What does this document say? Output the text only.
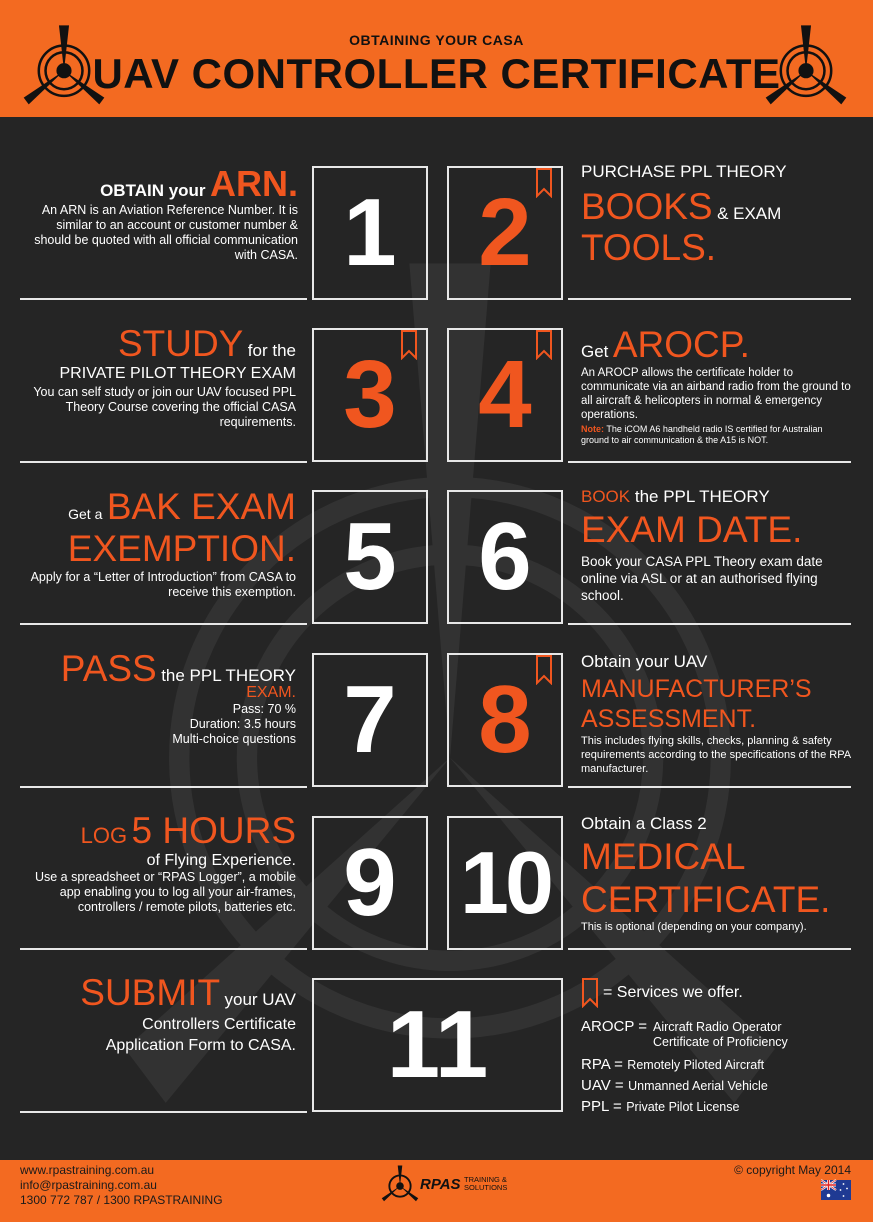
OBTAINING YOUR CASA
UAV CONTROLLER CERTIFICATE
OBTAIN your ARN.
An ARN is an Aviation Reference Number. It is similar to an account or customer number & should be quoted with all official communication with CASA. 1 2
PURCHASE PPL THEORY
BOOKS & EXAM
TOOLS.
STUDY for the
PRIVATE PILOT THEORY EXAM
You can self study or join our UAV focused PPL Theory Course covering the official CASA requirements. 3 4	Get AROCP.
An AROCP allows the certificate holder to communicate via an airband radio from the ground to all aircraft & helicopters in normal & emergency operations.
Note: The iCOM A6 handheld radio IS certified for Australian ground to air communication & the A15 is NOT.
Get a BAK EXAM
EXEMPTION.
Apply for a “Letter of Introduction” from CASA to receive this exemption. 5 6
BOOK the PPL THEORY
EXAM DATE.
Book your CASA PPL Theory exam date online via ASL or at an authorised flying school.
PASS the PPL THEORY
EXAM.
Pass: 70 %
Duration: 3.5 hours
Multi-choice questions 7 8
Obtain your UAV
MANUFACTURER’S
ASSESSMENT.
This includes flying skills, checks, planning & safety requirements according to the specifications of the RPA manufacturer.
LOG 5 HOURS
of Flying Experience.
Use a spreadsheet or “RPAS Logger”, a mobile app enabling you to log all your air-frames, controllers / remote pilots, batteries etc. 9 10
Obtain a Class 2
MEDICAL
CERTIFICATE.
This is optional (depending on your company).
SUBMIT your UAV
Controllers Certificate
Application Form to CASA. 11	= Services we offer.
AROCP = Aircraft Radio Operator Certificate of Proficiency
RPA = Remotely Piloted Aircraft
UAV = Unmanned Aerial Vehicle
PPL = Private Pilot License
www.rpastraining.com.au
info@rpastraining.com.au
1300 772 787 / 1300 RPASTRAINING
RPAS TRAINING &
SOLUTIONS
© copyright May 2014
